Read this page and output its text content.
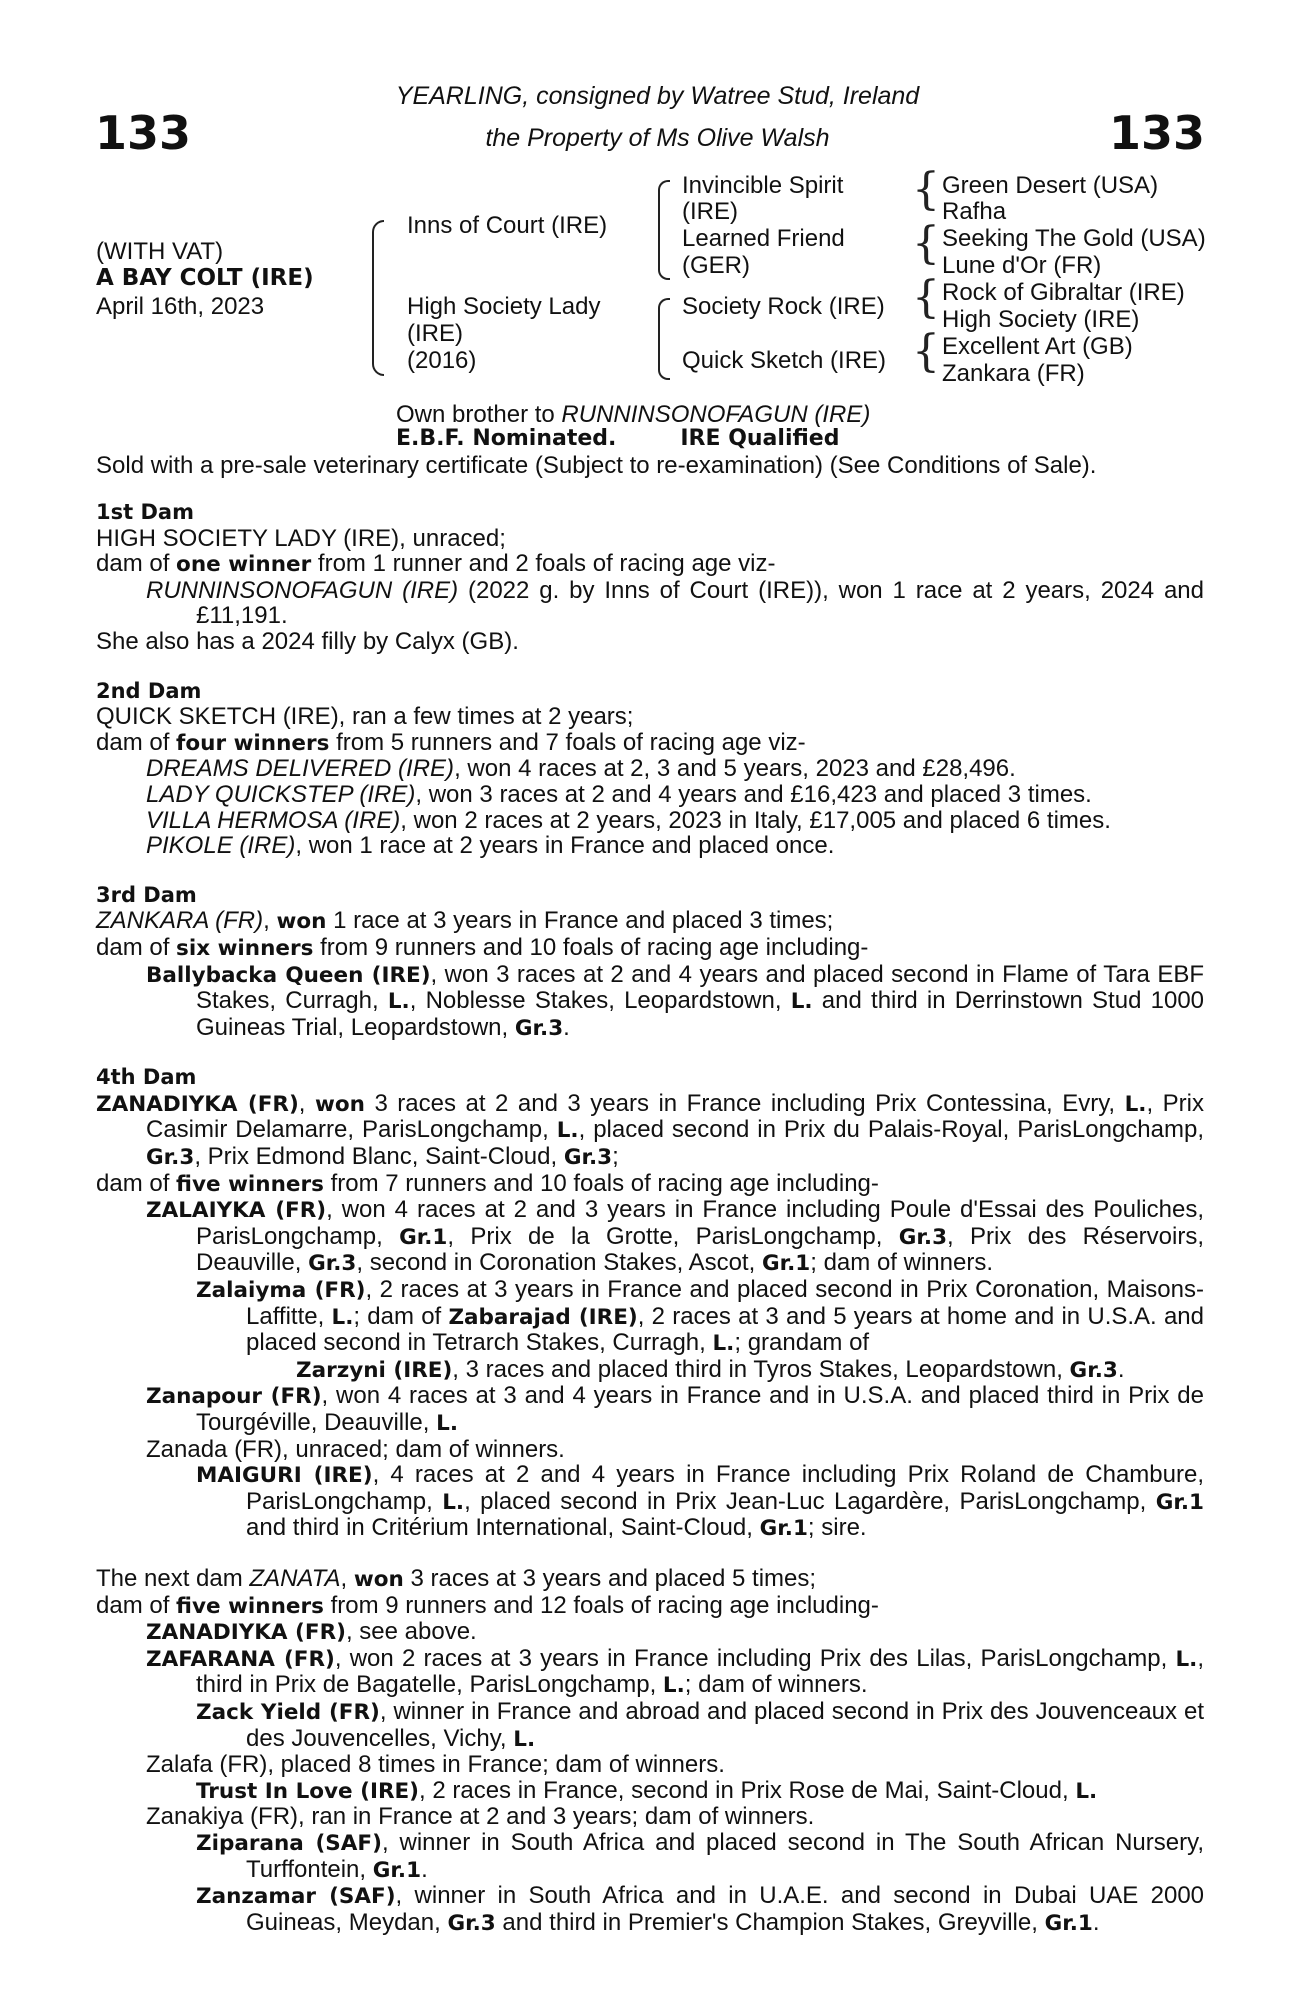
133	133
YEARLING, consigned by Watree Stud, Ireland
the Property of Ms Olive Walsh
(WITH VAT)
A BAY COLT (IRE)
April 16th, 2023
Inns of Court (IRE)
High Society Lady
(IRE)
(2016)
Invincible Spirit
(IRE)
Learned Friend
(GER)
Society Rock (IRE)
Quick Sketch (IRE)
{
{
{
{
Green Desert (USA)
Rafha
Seeking The Gold (USA)
Lune d'Or (FR)
Rock of Gibraltar (IRE)
High Society (IRE)
Excellent Art (GB)
Zankara (FR)
Own brother to RUNNINSONOFAGUN (IRE)
E.B.F. Nominated.	IRE Qualified
Sold with a pre-sale veterinary certificate (Subject to re-examination) (See Conditions of Sale).
1st Dam

HIGH SOCIETY LADY (IRE), unraced;

dam of one winner from 1 runner and 2 foals of racing age viz-

RUNNINSONOFAGUN (IRE) (2022 g. by Inns of Court (IRE)), won 1 race at 2 years, 2024 and £11,191.

She also has a 2024 filly by Calyx (GB).

2nd Dam

QUICK SKETCH (IRE), ran a few times at 2 years;

dam of four winners from 5 runners and 7 foals of racing age viz-

DREAMS DELIVERED (IRE), won 4 races at 2, 3 and 5 years, 2023 and £28,496.

LADY QUICKSTEP (IRE), won 3 races at 2 and 4 years and £16,423 and placed 3 times.

VILLA HERMOSA (IRE), won 2 races at 2 years, 2023 in Italy, £17,005 and placed 6 times.

PIKOLE (IRE), won 1 race at 2 years in France and placed once.

3rd Dam

ZANKARA (FR), won 1 race at 3 years in France and placed 3 times;

dam of six winners from 9 runners and 10 foals of racing age including-

Ballybacka Queen (IRE), won 3 races at 2 and 4 years and placed second in Flame of Tara EBF Stakes, Curragh, L., Noblesse Stakes, Leopardstown, L. and third in Derrinstown Stud 1000 Guineas Trial, Leopardstown, Gr.3.

4th Dam

ZANADIYKA (FR), won 3 races at 2 and 3 years in France including Prix Contessina, Evry, L., Prix Casimir Delamarre, ParisLongchamp, L., placed second in Prix du Palais-Royal, ParisLongchamp, Gr.3, Prix Edmond Blanc, Saint-Cloud, Gr.3;

dam of five winners from 7 runners and 10 foals of racing age including-

ZALAIYKA (FR), won 4 races at 2 and 3 years in France including Poule d'Essai des Pouliches, ParisLongchamp, Gr.1, Prix de la Grotte, ParisLongchamp, Gr.3, Prix des Réservoirs, Deauville, Gr.3, second in Coronation Stakes, Ascot, Gr.1; dam of winners.

Zalaiyma (FR), 2 races at 3 years in France and placed second in Prix Coronation, Maisons-Laffitte, L.; dam of Zabarajad (IRE), 2 races at 3 and 5 years at home and in U.S.A. and placed second in Tetrarch Stakes, Curragh, L.; grandam of

Zarzyni (IRE), 3 races and placed third in Tyros Stakes, Leopardstown, Gr.3.

Zanapour (FR), won 4 races at 3 and 4 years in France and in U.S.A. and placed third in Prix de Tourgéville, Deauville, L.

Zanada (FR), unraced; dam of winners.

MAIGURI (IRE), 4 races at 2 and 4 years in France including Prix Roland de Chambure, ParisLongchamp, L., placed second in Prix Jean-Luc Lagardère, ParisLongchamp, Gr.1 and third in Critérium International, Saint-Cloud, Gr.1; sire.

The next dam ZANATA, won 3 races at 3 years and placed 5 times;

dam of five winners from 9 runners and 12 foals of racing age including-

ZANADIYKA (FR), see above.

ZAFARANA (FR), won 2 races at 3 years in France including Prix des Lilas, ParisLongchamp, L., third in Prix de Bagatelle, ParisLongchamp, L.; dam of winners.

Zack Yield (FR), winner in France and abroad and placed second in Prix des Jouvenceaux et des Jouvencelles, Vichy, L.

Zalafa (FR), placed 8 times in France; dam of winners.

Trust In Love (IRE), 2 races in France, second in Prix Rose de Mai, Saint-Cloud, L.

Zanakiya (FR), ran in France at 2 and 3 years; dam of winners.

Ziparana (SAF), winner in South Africa and placed second in The South African Nursery, Turffontein, Gr.1.

Zanzamar (SAF), winner in South Africa and in U.A.E. and second in Dubai UAE 2000 Guineas, Meydan, Gr.3 and third in Premier's Champion Stakes, Greyville, Gr.1.
